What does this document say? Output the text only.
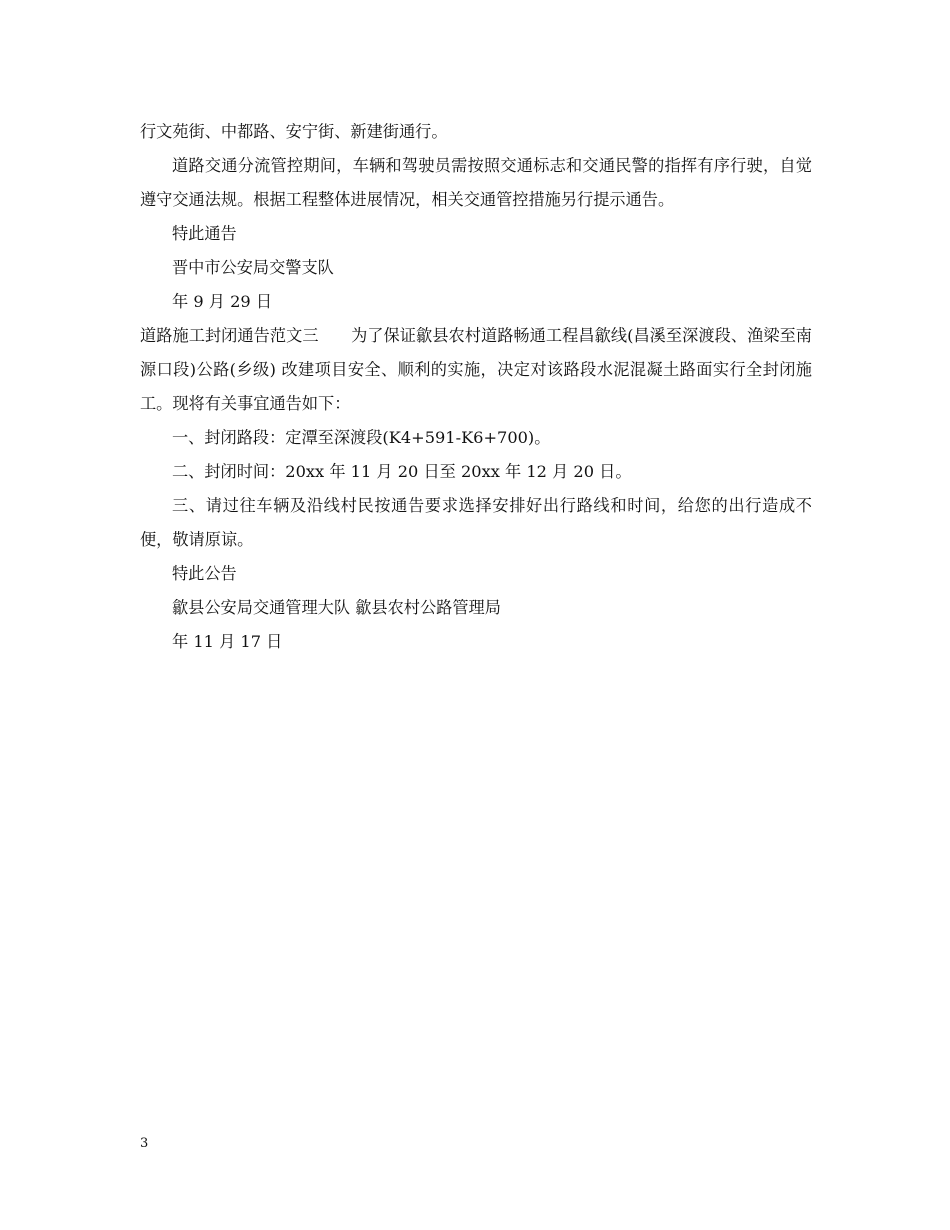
行文苑街、中都路、安宁街、新建街通行。

道路交通分流管控期间，车辆和驾驶员需按照交通标志和交通民警的指挥有序行驶，自觉遵守交通法规。根据工程整体进展情况，相关交通管控措施另行提示通告。

特此通告

晋中市公安局交警支队

年 9 月 29 日

道路施工封闭通告范文三　　为了保证歙县农村道路畅通工程昌歙线(昌溪至深渡段、渔梁至南源口段)公路(乡级) 改建项目安全、顺利的实施，决定对该路段水泥混凝土路面实行全封闭施工。现将有关事宜通告如下：

一、封闭路段：定潭至深渡段(K4+591-K6+700)。

二、封闭时间：20xx 年 11 月 20 日至 20xx 年 12 月 20 日。

三、请过往车辆及沿线村民按通告要求选择安排好出行路线和时间，给您的出行造成不便，敬请原谅。

特此公告

歙县公安局交通管理大队 歙县农村公路管理局

年 11 月 17 日

3
